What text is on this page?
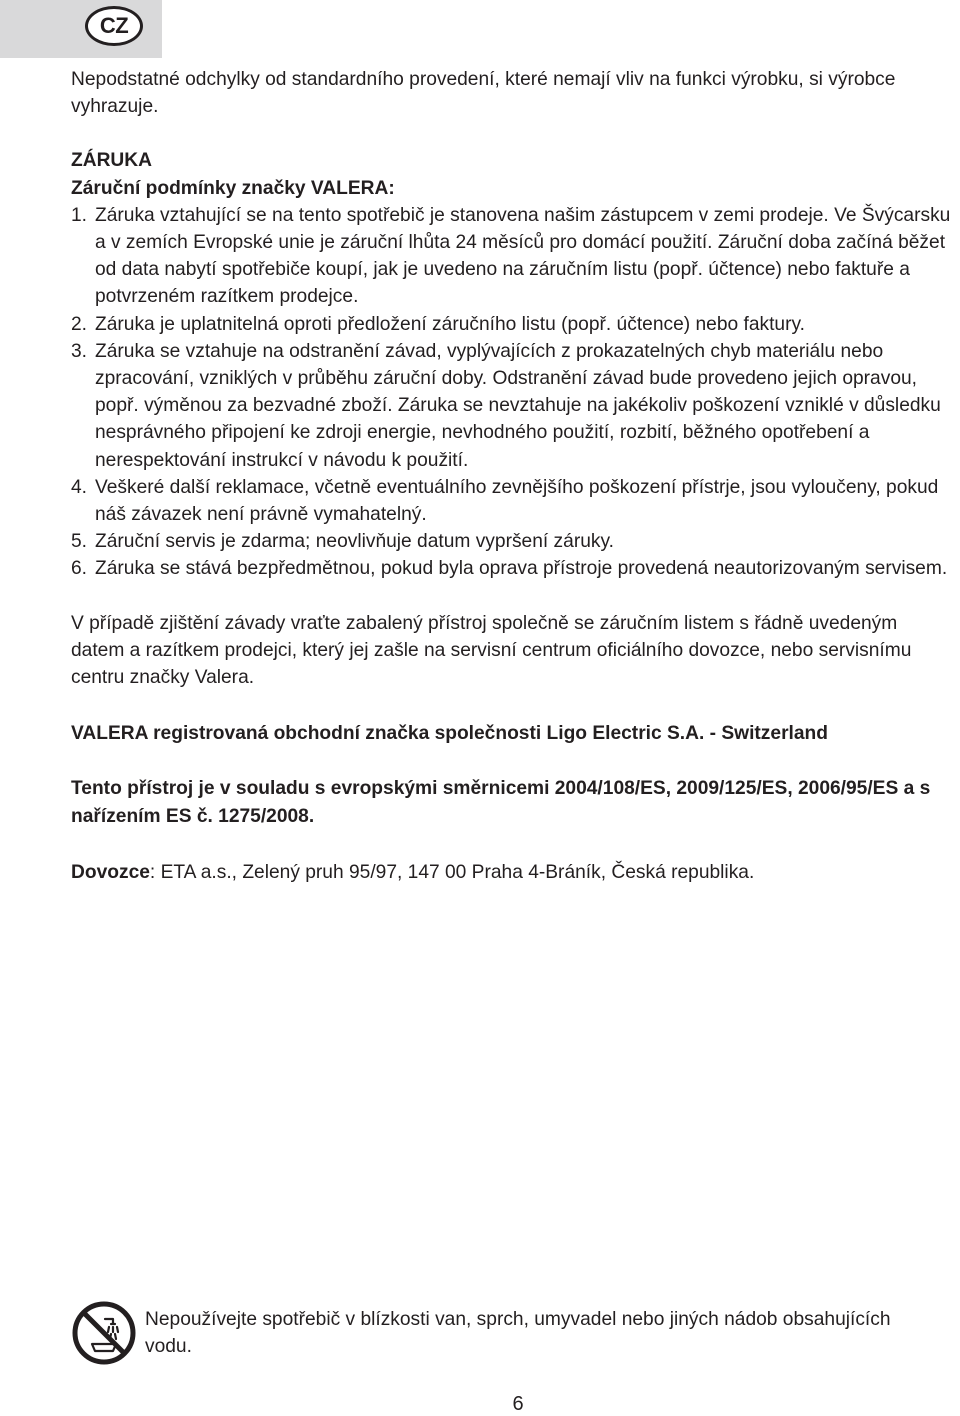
CZ

Nepodstatné odchylky od standardního provedení, které nemají vliv na funkci výrobku, si výrobce vyhrazuje.

ZÁRUKA

Záruční podmínky značky VALERA:

1. Záruka vztahující se na tento spotřebič je stanovena našim zástupcem v zemi prodeje. Ve Švýcarsku a v zemích Evropské unie je záruční lhůta 24 měsíců pro domácí použití. Záruční doba začíná běžet od data nabytí spotřebiče koupí, jak je uvedeno na záručním listu (popř. účtence) nebo faktuře a potvrzeném razítkem prodejce.
2. Záruka je uplatnitelná oproti předložení záručního listu (popř. účtence) nebo faktury.
3. Záruka se vztahuje na odstranění závad, vyplývajících z prokazatelných chyb materiálu nebo zpracování, vzniklých v průběhu záruční doby. Odstranění závad bude provedeno jejich opravou, popř. výměnou za bezvadné zboží. Záruka se nevztahuje na jakékoliv poškození vzniklé v důsledku nesprávného připojení ke zdroji energie, nevhodného použití, rozbití, běžného opotřebení a nerespektování instrukcí v návodu k použití.
4. Veškeré další reklamace, včetně eventuálního zevnějšího poškození přístrje, jsou vyloučeny, pokud náš závazek není právně vymahatelný.
5. Záruční servis je zdarma; neovlivňuje datum vypršení záruky.
6. Záruka se stává bezpředmětnou, pokud byla oprava přístroje provedená neautorizovaným servisem.

V případě zjištění závady vraťte zabalený přístroj společně se záručním listem s řádně uvedeným datem a razítkem prodejci, který jej zašle na servisní centrum oficiálního dovozce, nebo servisnímu centru značky Valera.

VALERA registrovaná obchodní značka společnosti Ligo Electric S.A. - Switzerland

Tento přístroj je v souladu s evropskými směrnicemi 2004/108/ES, 2009/125/ES, 2006/95/ES a s nařízením ES č. 1275/2008.

Dovozce: ETA a.s., Zelený pruh 95/97, 147 00 Praha 4-Bráník, Česká republika.

Nepoužívejte spotřebič v blízkosti van, sprch, umyvadel nebo jiných nádob obsahujících vodu.

6
